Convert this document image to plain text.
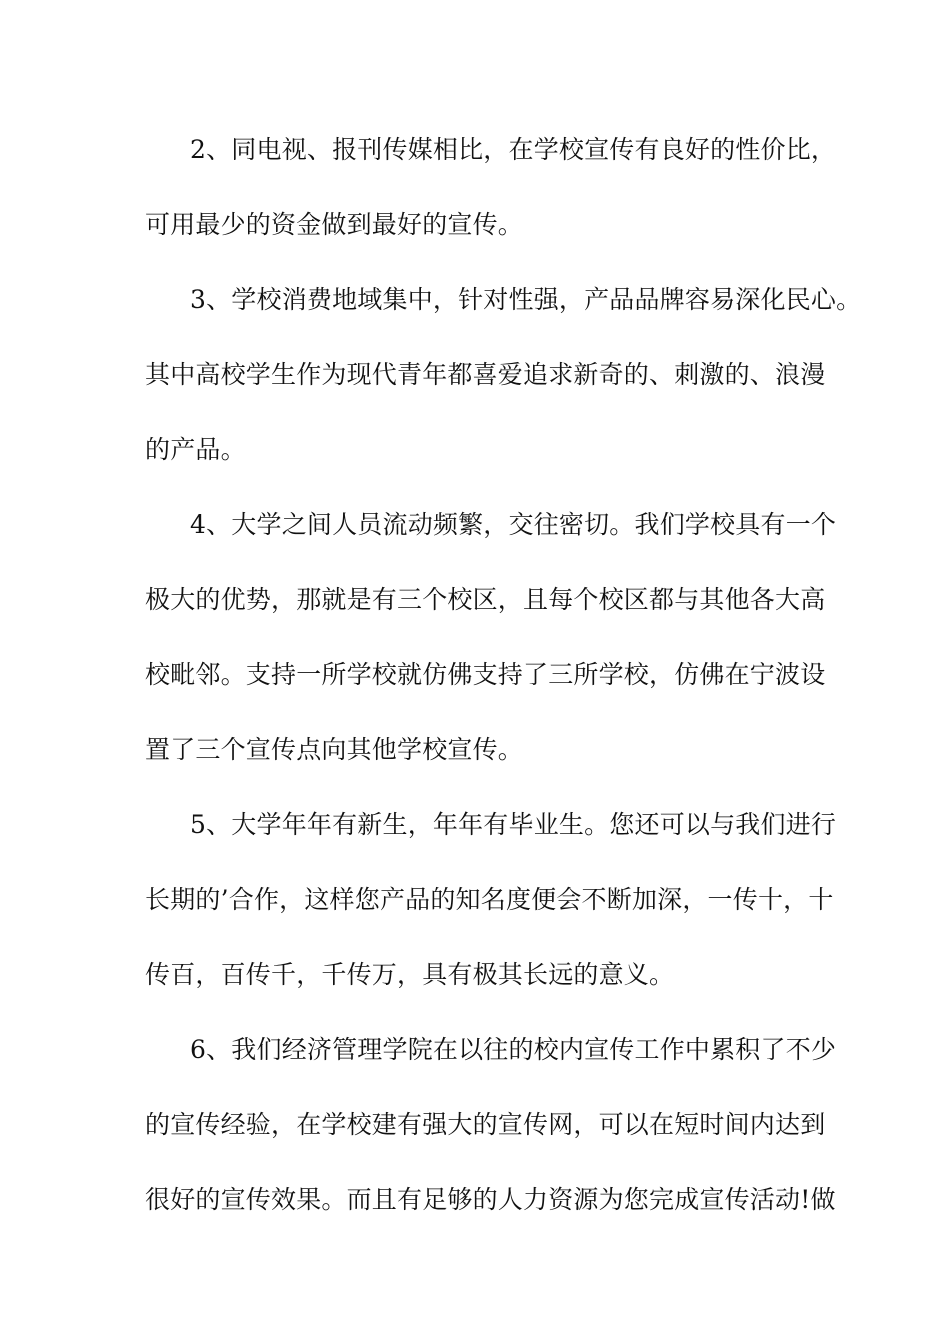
2、同电视、报刊传媒相比，在学校宣传有良好的性价比，
可用最少的资金做到最好的宣传。
3、学校消费地域集中，针对性强，产品品牌容易深化民心。
其中高校学生作为现代青年都喜爱追求新奇的、刺激的、浪漫
的产品。
4、大学之间人员流动频繁，交往密切。我们学校具有一个
极大的优势，那就是有三个校区，且每个校区都与其他各大高
校毗邻。支持一所学校就仿佛支持了三所学校，仿佛在宁波设
置了三个宣传点向其他学校宣传。
5、大学年年有新生，年年有毕业生。您还可以与我们进行
长期的’合作，这样您产品的知名度便会不断加深，一传十，十
传百，百传千，千传万，具有极其长远的意义。
6、我们经济管理学院在以往的校内宣传工作中累积了不少
的宣传经验，在学校建有强大的宣传网，可以在短时间内达到
很好的宣传效果。而且有足够的人力资源为您完成宣传活动!做
